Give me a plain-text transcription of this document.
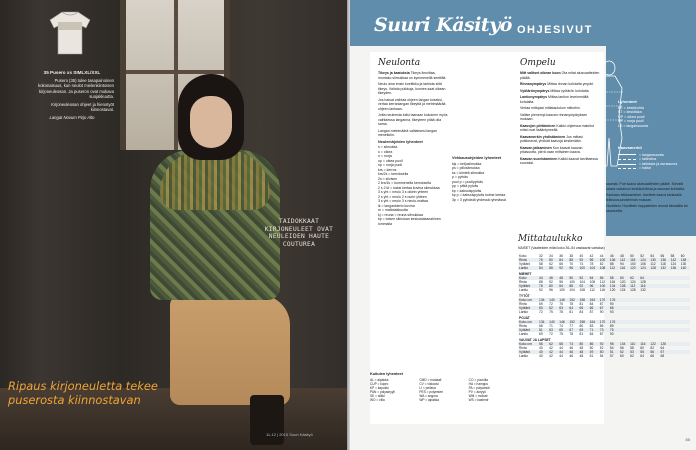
35 Pusero xs SIMLXL/XXL

Pusero (35) tulee tasapainoinen kokonaisuus, kun neulot mielenkiintoisen kirjoneuleosan. Ja puseron ovat mukava suojakkuutta.

Kirjoneuleosan ohjeet ja hienotyöt kiinnostavat.

Langat Novum Pirjo Alto

TAIDOKKAAT KIRJONEULEET OVAT NEULEIDEN HAUTE COUTUREA
Ripaus kirjoneuletta tekee puserosta kiinnostavan
11-12 | 2015 Suuri Käsityö
Suuri Käsityö OHJESIVUT
Neulonta

Tikeys ja kaatuksia Tikeys ilmoittaa, montako silmukkaa on kymmenellä senttillä.

Neulo aina ensin koetilkku ja tarkista siitä tikeys. Vaihda puikkoja, kunnes saat oikean tikeyden.

Jos haluat vaihtaa ohjeen langan toiseksi, vertaa kerranlangan tikeyttä ja metrimäärää ohjeen lankaan.

Jotta neuleesta tulisi laanaan kokoinen myös vaihtaessa langanna, tikeyteen pitää olla sama.

Langan metrimäärä valitaksesi langan menekkiin.

Neulemhjeiden lyhenteet
s = silmukka
o = oikea
n = nurja
op = oikea puoli
np = nurja puoli
krs = kerros
krs/2s = kerroksella
2s = siivisen
2 krs/1k = kommenella kerroksella
2 s 2 kt = kaksi kertaa kuvina silmukkaa
3 s yht = neulo 3 s oikein yhteen
2 s yht = neulo 2 s nurin yhteen
3 s yht = neulo 3 s neulo-mattaa
lk = langankierto kuvina
m = mattotakkuutta
kj = reuna = reuna silmukkaa
kp = toisen silmukan keskustakanahinen lommalla
Virkkausohjeiden lyhenteet
kjs = ketjusilmukka
ps = piilosilmukka
ks = kiinteä silmukka
p = pylväs
puol p = puolipylväs
pp = pitkä pylväs
kp = kaksoispylväs
kp p = kaksoispylväs kolme kertaa
3p = 3 pylvästä yhdessä ryhmässä
Ompelu

Mitt valitset oikean koon Ota mitat alusvaatteiden päältä.

Rinnanympärys Mittaa rinnan kohdalta ympäri.

Vyötärönympärys Mittaa vyötärön kohdalta.

Lantionympärys Mittaa lantion leveimmältä kohdalta.

Vertaa mittojasi mittataulukon mittoihin.

Valitse pienempi kaavan rinnanympäryksen mukaan.

Kaavojen piirtäminen Kaikki ohjeessa mainitut mitat ovat lisääntyneellä.

Kaavamerkin yhdistäminen Jos mittasi poikkeavat, yhdistä kaavoja keskenään.

Kaavan jatkaminen Kun kaavat kaavan pituisuutta, piirrä osan mittainen kaava.

Kaavan suoristaminen Kaikki kaavat tarvittaessa suoraksi.

Lyhenteet
KE = keskikohta
KT = keskitaka
OP = oikea puoli
NP = nurja puoli
LS = langansuunta
Kaavamerkit
= langansuunta
= taiteviiva
= taitoksia ja sivusauma
= haitot

saumat. Pue kaava alusvaatteiden päälle. Kiinnitä kaava vartaloon keskikohdista ja sauman kohdalta.

Kankaan leikkaaminen: Asettele kaava kankaalle leikkuusuunnitelman mukaan.

Huolittelu: Huolittele kappaleiden reunat siksakilla tai saumurilla.

Mittataulukko
NAISET (Vaatteiden mitat koko 36–54 vastaavat vartaloa)
Koko	32	34	36	38	40	42	44	46	48	50	52	54	56	58	60
Rinta	76	80	84	88	92	96	100	106	112	118	124	130	136	142	148
Vyötärö	58	62	66	70	74	78	82	88	94	100	106	112	118	124	130
Lantio	84	88	92	96	100	104	108	112	116	120	124	128	132	136	140
MIEHET															
Koko	44	46	48	50	52	54	56	58	60	62	64				
Rinta	88	92	96	100	104	108	112	116	120	124	128				
Vyötärö	76	80	84	88	92	96	100	104	108	112	116				
Lantio	92	96	100	104	108	112	116	120	124	128	132				
TYTÖT															
Koko cm	134	140	146	152	158	164	170	176							
Rinta	69	72	75	78	81	84	87	90							
Vyötärö	60	62	63	64	65	66	67	68							
Lantio	72	75	78	81	84	87	90	93							
POJAT															
Koko cm	134	140	146	152	158	164	170	176							
Rinta	68	71	74	77	80	83	86	89							
Vyötärö	61	63	65	67	69	71	73	75							
Lantio	69	72	75	78	81	84	87	90							
VAUVAT JA LAPSET															
Koko cm	56	62	68	74	80	86	92	98	104	110	116	122	128		
Rinta	40	42	44	46	48	50	52	54	56	58	60	62	64		
Vyötärö	40	42	44	46	48	49	50	51	52	53	55	56	57		
Lantio	40	42	44	46	48	51	54	57	60	62	64	66	68		
Kuituien lyhenteet
AL = alpakka	CMD = modaali	CO = puuvilla
CUP = kupro	CV = viskoosi	HA = hamppu
KP = kapokki	LI = pellava	PA = polyamidi
PAN = polyakryyli	PES = polyesteri	PV = akryyli
SE = silkki	WA = angora	WM = mohair
WO = villa	WP = alpakka	WS = kashmir
85
